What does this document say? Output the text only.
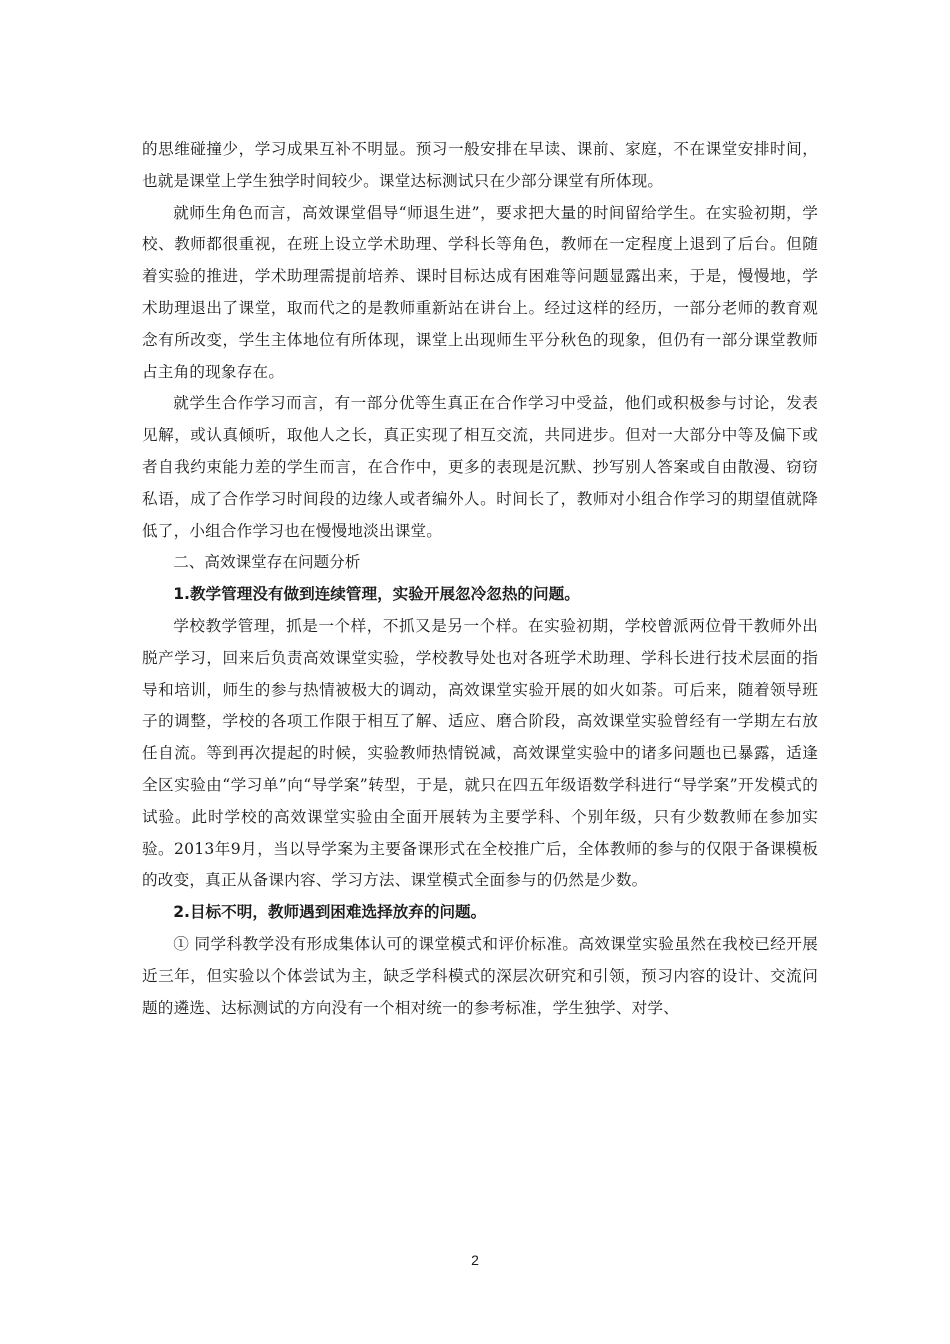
的思维碰撞少，学习成果互补不明显。预习一般安排在早读、课前、家庭，不在课堂安排时间，也就是课堂上学生独学时间较少。课堂达标测试只在少部分课堂有所体现。

就师生角色而言，高效课堂倡导“师退生进”，要求把大量的时间留给学生。在实验初期，学校、教师都很重视，在班上设立学术助理、学科长等角色，教师在一定程度上退到了后台。但随着实验的推进，学术助理需提前培养、课时目标达成有困难等问题显露出来，于是，慢慢地，学术助理退出了课堂，取而代之的是教师重新站在讲台上。经过这样的经历，一部分老师的教育观念有所改变，学生主体地位有所体现，课堂上出现师生平分秋色的现象，但仍有一部分课堂教师占主角的现象存在。

就学生合作学习而言，有一部分优等生真正在合作学习中受益，他们或积极参与讨论，发表见解，或认真倾听，取他人之长，真正实现了相互交流，共同进步。但对一大部分中等及偏下或者自我约束能力差的学生而言，在合作中，更多的表现是沉默、抄写别人答案或自由散漫、窃窃私语，成了合作学习时间段的边缘人或者编外人。时间长了，教师对小组合作学习的期望值就降低了，小组合作学习也在慢慢地淡出课堂。

二、高效课堂存在问题分析

1.教学管理没有做到连续管理，实验开展忽冷忽热的问题。

学校教学管理，抓是一个样，不抓又是另一个样。在实验初期，学校曾派两位骨干教师外出脱产学习，回来后负责高效课堂实验，学校教导处也对各班学术助理、学科长进行技术层面的指导和培训，师生的参与热情被极大的调动，高效课堂实验开展的如火如荼。可后来，随着领导班子的调整，学校的各项工作限于相互了解、适应、磨合阶段，高效课堂实验曾经有一学期左右放任自流。等到再次提起的时候，实验教师热情锐减，高效课堂实验中的诸多问题也已暴露，适逢全区实验由“学习单”向“导学案”转型，于是，就只在四五年级语数学科进行“导学案”开发模式的试验。此时学校的高效课堂实验由全面开展转为主要学科、个别年级，只有少数教师在参加实验。2013年9月，当以导学案为主要备课形式在全校推广后，全体教师的参与的仅限于备课模板的改变，真正从备课内容、学习方法、课堂模式全面参与的仍然是少数。

2.目标不明，教师遇到困难选择放弃的问题。

① 同学科教学没有形成集体认可的课堂模式和评价标准。高效课堂实验虽然在我校已经开展近三年，但实验以个体尝试为主，缺乏学科模式的深层次研究和引领，预习内容的设计、交流问题的遴选、达标测试的方向没有一个相对统一的参考标准，学生独学、对学、

2
